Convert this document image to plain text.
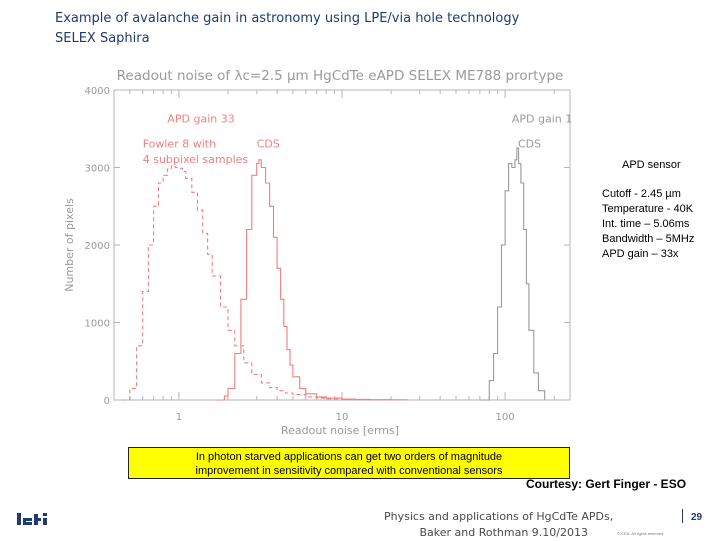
Example of avalanche gain in astronomy using LPE/via hole technology
SELEX Saphira
Readout noise of λc=2.5 µm HgCdTe eAPD SELEX ME788 prortype
Number of pixels
Readout noise [erms]
0
1000
2000
3000
4000
1	10	100
APD gain 33
Fowler 8 with
4 subpixel samples
CDS
APD gain 1
CDS
APD sensor
Cutoff - 2.45 µm
Temperature - 40K
Int. time – 5.06ms
Bandwidth – 5MHz
APD gain – 33x
In photon starved applications can get two orders of magnitude
improvement in sensitivity compared with conventional sensors
Courtesy: Gert Finger - ESO
Physics and applications of HgCdTe APDs,
Baker and Rothman 9.10/2013
29
© CEA. All rights reserved
